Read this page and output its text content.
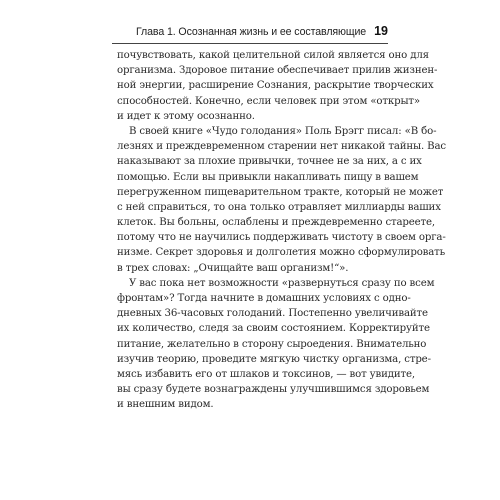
Глава 1. Осознанная жизнь и ее составляющие 19
почувствовать, какой целительной силой является оно для
организма. Здоровое питание обеспечивает прилив жизнен-
ной энергии, расширение Сознания, раскрытие творческих
способностей. Конечно, если человек при этом «открыт»
и идет к этому осознанно.
В своей книге «Чудо голодания» Поль Брэгг писал: «В бо-
лезнях и преждевременном старении нет никакой тайны. Вас
наказывают за плохие привычки, точнее не за них, а с их
помощью. Если вы привыкли накапливать пищу в вашем
перегруженном пищеварительном тракте, который не может
с ней справиться, то она только отравляет миллиарды ваших
клеток. Вы больны, ослаблены и преждевременно стареете,
потому что не научились поддерживать чистоту в своем орга-
низме. Секрет здоровья и долголетия можно сформулировать
в трех словах: „Очищайте ваш организм!“».
У вас пока нет возможности «развернуться сразу по всем
фронтам»? Тогда начните в домашних условиях с одно-
дневных 36-часовых голоданий. Постепенно увеличивайте
их количество, следя за своим состоянием. Корректируйте
питание, желательно в сторону сыроедения. Внимательно
изучив теорию, проведите мягкую чистку организма, стре-
мясь избавить его от шлаков и токсинов, — вот увидите,
вы сразу будете вознаграждены улучшившимся здоровьем
и внешним видом.
